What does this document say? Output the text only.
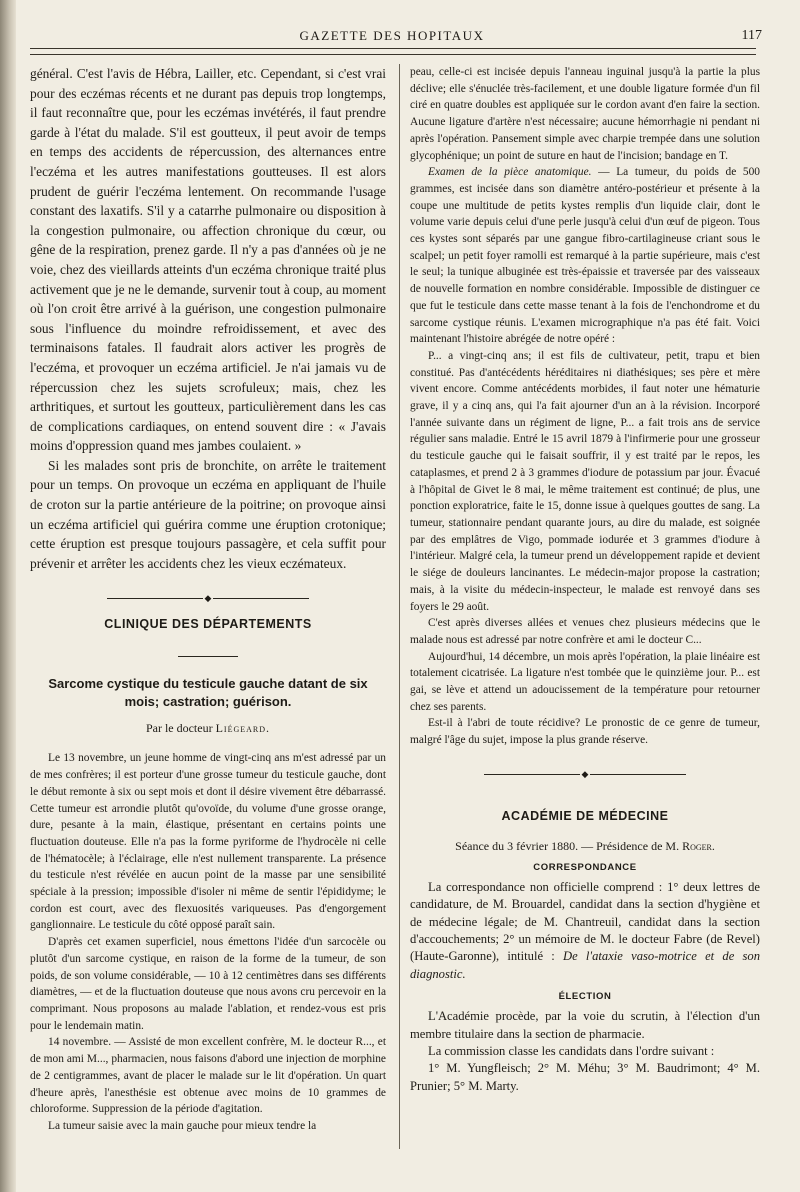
GAZETTE DES HOPITAUX	117

général. C'est l'avis de Hébra, Lailler, etc. Cependant, si c'est vrai pour des eczémas récents et ne durant pas depuis trop longtemps, il faut reconnaître que, pour les eczémas invétérés, il faut prendre garde à l'état du malade. S'il est goutteux, il peut avoir de temps en temps des accidents de répercussion, des alternances entre l'eczéma et les autres manifestations goutteuses. Il est alors prudent de guérir l'eczéma lentement. On recommande l'usage constant des laxatifs. S'il y a catarrhe pulmonaire ou disposition à la congestion pulmonaire, ou affection chronique du cœur, ou gêne de la respiration, prenez garde. Il n'y a pas d'années où je ne voie, chez des vieillards atteints d'un eczéma chronique traité plus activement que je ne le demande, survenir tout à coup, au moment où l'on croit être arrivé à la guérison, une congestion pulmonaire sous l'influence du moindre refroidissement, et avec des terminaisons fatales. Il faudrait alors activer les progrès de l'eczéma, et provoquer un eczéma artificiel. Je n'ai jamais vu de répercussion chez les sujets scrofuleux; mais, chez les arthritiques, et surtout les goutteux, particulièrement dans les cas de complications cardiaques, on entend souvent dire : « J'avais moins d'oppression quand mes jambes coulaient. »

Si les malades sont pris de bronchite, on arrête le traitement pour un temps. On provoque un eczéma en appliquant de l'huile de croton sur la partie antérieure de la poitrine; on provoque ainsi un eczéma artificiel qui guérira comme une éruption crotonique; cette éruption est presque toujours passagère, et cela suffit pour prévenir et arrêter les accidents chez les vieux eczémateux.

◆
CLINIQUE DES DÉPARTEMENTS
Sarcome cystique du testicule gauche datant de six mois; castration; guérison.
Par le docteur Liégeard.

Le 13 novembre, un jeune homme de vingt-cinq ans m'est adressé par un de mes confrères; il est porteur d'une grosse tumeur du testicule gauche, dont le début remonte à six ou sept mois et dont il désire vivement être débarrassé. Cette tumeur est arrondie plutôt qu'ovoïde, du volume d'une grosse orange, dure, pesante à la main, élastique, présentant en certains points une fluctuation douteuse. Elle n'a pas la forme pyriforme de l'hydrocèle ni celle de l'hématocèle; à l'éclairage, elle n'est nullement transparente. La présence du testicule n'est révélée en aucun point de la masse par une sensibilité spéciale à la pression; impossible d'isoler ni même de sentir l'épididyme; le cordon est court, avec des flexuosités variqueuses. Pas d'engorgement ganglionnaire. Le testicule du côté opposé paraît sain.

D'après cet examen superficiel, nous émettons l'idée d'un sarcocèle ou plutôt d'un sarcome cystique, en raison de la forme de la tumeur, de son poids, de son volume considérable, — 10 à 12 centimètres dans ses différents diamètres, — et de la fluctuation douteuse que nous avons cru percevoir en la comprimant. Nous proposons au malade l'ablation, et rendez-vous est pris pour le lendemain matin.

14 novembre. — Assisté de mon excellent confrère, M. le docteur R..., et de mon ami M..., pharmacien, nous faisons d'abord une injection de morphine de 2 centigrammes, avant de placer le malade sur le lit d'opération. Un quart d'heure après, l'anesthésie est obtenue avec moins de 10 grammes de chloroforme. Suppression de la période d'agitation.

La tumeur saisie avec la main gauche pour mieux tendre la

peau, celle-ci est incisée depuis l'anneau inguinal jusqu'à la partie la plus déclive; elle s'énuclée très-facilement, et une double ligature formée d'un fil ciré en quatre doubles est appliquée sur le cordon avant d'en faire la section. Aucune ligature d'artère n'est nécessaire; aucune hémorrhagie ni pendant ni après l'opération. Pansement simple avec charpie trempée dans une solution glycophénique; un point de suture en haut de l'incision; bandage en T.

Examen de la pièce anatomique. — La tumeur, du poids de 500 grammes, est incisée dans son diamètre antéro-postérieur et présente à la coupe une multitude de petits kystes remplis d'un liquide clair, dont le volume varie depuis celui d'une perle jusqu'à celui d'un œuf de pigeon. Tous ces kystes sont séparés par une gangue fibro-cartilagineuse criant sous le scalpel; un petit foyer ramolli est remarqué à la partie supérieure, mais c'est le seul; la tunique albuginée est très-épaissie et traversée par des vaisseaux de nouvelle formation en nombre considérable. Impossible de distinguer ce que fut le testicule dans cette masse tenant à la fois de l'enchondrome et du sarcome cystique réunis. L'examen micrographique n'a pas été fait. Voici maintenant l'histoire abrégée de notre opéré :

P... a vingt-cinq ans; il est fils de cultivateur, petit, trapu et bien constitué. Pas d'antécédents héréditaires ni diathésiques; ses père et mère vivent encore. Comme antécédents morbides, il faut noter une hématurie grave, il y a cinq ans, qui l'a fait ajourner d'un an à la révision. Incorporé l'année suivante dans un régiment de ligne, P... a fait trois ans de service régulier sans maladie. Entré le 15 avril 1879 à l'infirmerie pour une grosseur du testicule gauche qui le faisait souffrir, il y est traité par le repos, les cataplasmes, et prend 2 à 3 grammes d'iodure de potassium par jour. Évacué à l'hôpital de Givet le 8 mai, le même traitement est continué; de plus, une ponction exploratrice, faite le 15, donne issue à quelques gouttes de sang. La tumeur, stationnaire pendant quarante jours, au dire du malade, est soignée par des emplâtres de Vigo, pommade iodurée et 3 grammes d'iodure à l'intérieur. Malgré cela, la tumeur prend un développement rapide et devient le siége de douleurs lancinantes. Le médecin-major propose la castration; mais, à la visite du médecin-inspecteur, le malade est renvoyé dans ses foyers le 29 août.

C'est après diverses allées et venues chez plusieurs médecins que le malade nous est adressé par notre confrère et ami le docteur C...

Aujourd'hui, 14 décembre, un mois après l'opération, la plaie linéaire est totalement cicatrisée. La ligature n'est tombée que le quinzième jour. P... est gai, se lève et attend un adoucissement de la température pour retourner chez ses parents.

Est-il à l'abri de toute récidive? Le pronostic de ce genre de tumeur, malgré l'âge du sujet, impose la plus grande réserve.

◆
ACADÉMIE DE MÉDECINE
Séance du 3 février 1880. — Présidence de M. Roger.
CORRESPONDANCE

La correspondance non officielle comprend : 1° deux lettres de candidature, de M. Brouardel, candidat dans la section d'hygiène et de médecine légale; de M. Chantreuil, candidat dans la section d'accouchements; 2° un mémoire de M. le docteur Fabre (de Revel) (Haute-Garonne), intitulé : De l'ataxie vaso-motrice et de son diagnostic.

ÉLECTION

L'Académie procède, par la voie du scrutin, à l'élection d'un membre titulaire dans la section de pharmacie.

La commission classe les candidats dans l'ordre suivant :

1° M. Yungfleisch; 2° M. Méhu; 3° M. Baudrimont; 4° M. Prunier; 5° M. Marty.
